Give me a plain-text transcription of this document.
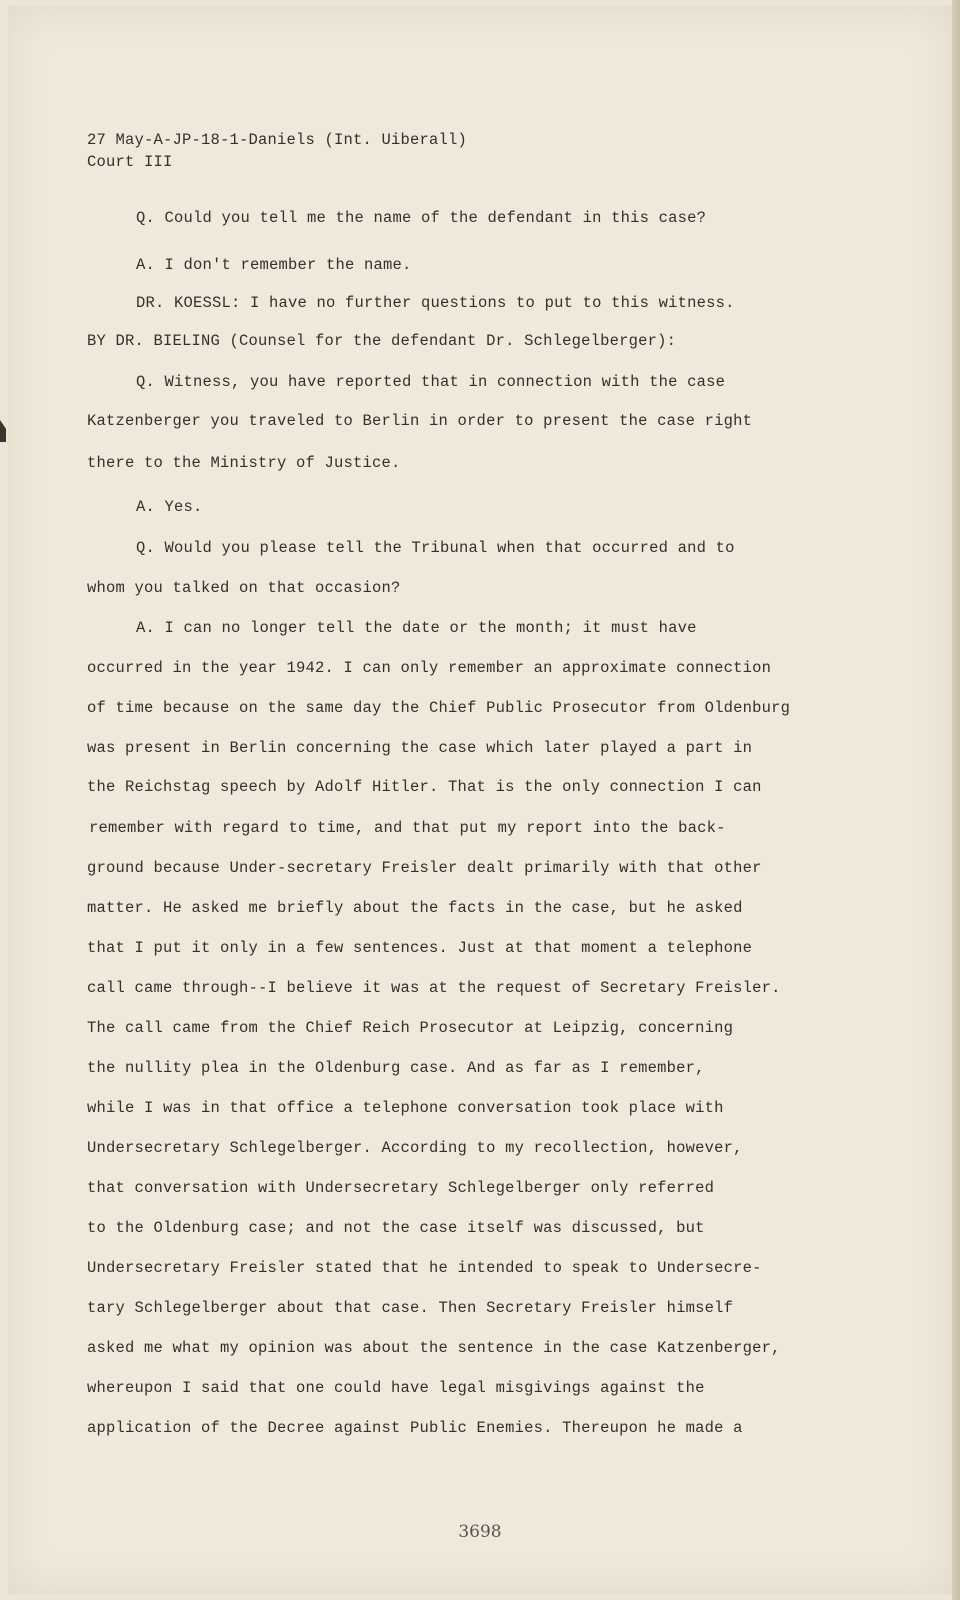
27 May-A-JP-18-1-Daniels (Int. Uiberall)
Court III
Q. Could you tell me the name of the defendant in this case?
A. I don't remember the name.
DR. KOESSL: I have no further questions to put to this witness.
BY DR. BIELING (Counsel for the defendant Dr. Schlegelberger):
Q. Witness, you have reported that in connection with the case
Katzenberger you traveled to Berlin in order to present the case right
there to the Ministry of Justice.
A. Yes.
Q. Would you please tell the Tribunal when that occurred and to
whom you talked on that occasion?
A. I can no longer tell the date or the month; it must have
occurred in the year 1942. I can only remember an approximate connection
of time because on the same day the Chief Public Prosecutor from Oldenburg
was present in Berlin concerning the case which later played a part in
the Reichstag speech by Adolf Hitler. That is the only connection I can
remember with regard to time, and that put my report into the back-
ground because Under-secretary Freisler dealt primarily with that other
matter. He asked me briefly about the facts in the case, but he asked
that I put it only in a few sentences. Just at that moment a telephone
call came through--I believe it was at the request of Secretary Freisler.
The call came from the Chief Reich Prosecutor at Leipzig, concerning
the nullity plea in the Oldenburg case. And as far as I remember,
while I was in that office a telephone conversation took place with
Undersecretary Schlegelberger. According to my recollection, however,
that conversation with Undersecretary Schlegelberger only referred
to the Oldenburg case; and not the case itself was discussed, but
Undersecretary Freisler stated that he intended to speak to Undersecre-
tary Schlegelberger about that case. Then Secretary Freisler himself
asked me what my opinion was about the sentence in the case Katzenberger,
whereupon I said that one could have legal misgivings against the
application of the Decree against Public Enemies. Thereupon he made a
3698
